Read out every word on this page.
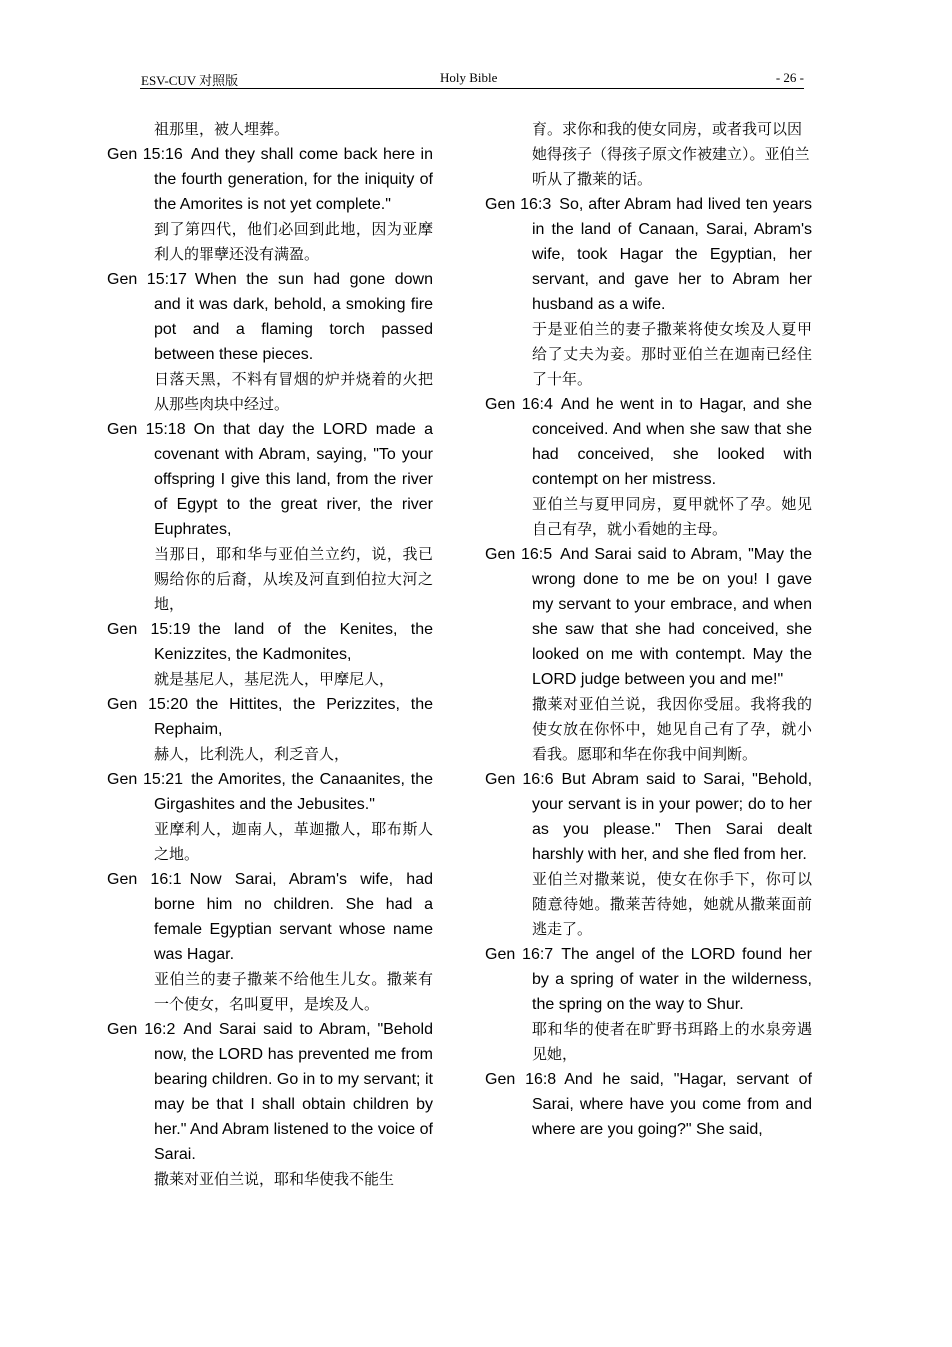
ESV-CUV 对照版	Holy Bible	- 26 -

祖那里，被人埋葬。

Gen 15:16 And they shall come back here in the fourth generation, for the iniquity of the Amorites is not yet complete."

到了第四代，他们必回到此地，因为亚摩利人的罪孽还没有满盈。

Gen 15:17 When the sun had gone down and it was dark, behold, a smoking fire pot and a flaming torch passed between these pieces.

日落天黑，不料有冒烟的炉并烧着的火把从那些肉块中经过。

Gen 15:18 On that day the LORD made a covenant with Abram, saying, "To your offspring I give this land, from the river of Egypt to the great river, the river Euphrates,

当那日，耶和华与亚伯兰立约，说，我已赐给你的后裔，从埃及河直到伯拉大河之地，

Gen 15:19 the land of the Kenites, the Kenizzites, the Kadmonites,

就是基尼人，基尼洗人，甲摩尼人，

Gen 15:20 the Hittites, the Perizzites, the Rephaim,

赫人，比利洗人，利乏音人，

Gen 15:21 the Amorites, the Canaanites, the Girgashites and the Jebusites."

亚摩利人，迦南人，革迦撒人，耶布斯人之地。

Gen 16:1 Now Sarai, Abram's wife, had borne him no children. She had a female Egyptian servant whose name was Hagar.

亚伯兰的妻子撒莱不给他生儿女。撒莱有一个使女，名叫夏甲，是埃及人。

Gen 16:2 And Sarai said to Abram, "Behold now, the LORD has prevented me from bearing children. Go in to my servant; it may be that I shall obtain children by her." And Abram listened to the voice of Sarai.

撒莱对亚伯兰说，耶和华使我不能生

育。求你和我的使女同房，或者我可以因她得孩子（得孩子原文作被建立）。亚伯兰听从了撒莱的话。

Gen 16:3 So, after Abram had lived ten years in the land of Canaan, Sarai, Abram's wife, took Hagar the Egyptian, her servant, and gave her to Abram her husband as a wife.

于是亚伯兰的妻子撒莱将使女埃及人夏甲给了丈夫为妾。那时亚伯兰在迦南已经住了十年。

Gen 16:4 And he went in to Hagar, and she conceived. And when she saw that she had conceived, she looked with contempt on her mistress.

亚伯兰与夏甲同房，夏甲就怀了孕。她见自己有孕，就小看她的主母。

Gen 16:5 And Sarai said to Abram, "May the wrong done to me be on you! I gave my servant to your embrace, and when she saw that she had conceived, she looked on me with contempt. May the LORD judge between you and me!"

撒莱对亚伯兰说，我因你受屈。我将我的使女放在你怀中，她见自己有了孕，就小看我。愿耶和华在你我中间判断。

Gen 16:6 But Abram said to Sarai, "Behold, your servant is in your power; do to her as you please." Then Sarai dealt harshly with her, and she fled from her.

亚伯兰对撒莱说，使女在你手下，你可以随意待她。撒莱苦待她，她就从撒莱面前逃走了。

Gen 16:7 The angel of the LORD found her by a spring of water in the wilderness, the spring on the way to Shur.

耶和华的使者在旷野书珥路上的水泉旁遇见她，

Gen 16:8 And he said, "Hagar, servant of Sarai, where have you come from and where are you going?" She said,
